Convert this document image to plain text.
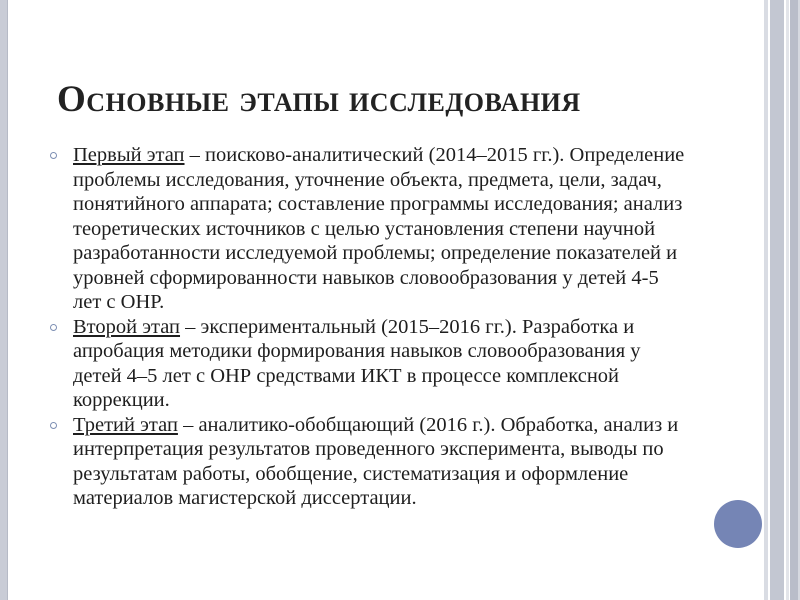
Основные этапы исследования
Первый этап – поисково-аналитический (2014–2015 гг.). Определение проблемы исследования, уточнение объекта, предмета, цели, задач, понятийного аппарата; составление программы исследования; анализ теоретических источников с целью установления степени научной разработанности исследуемой проблемы; определение показателей и уровней сформированности навыков словообразования у детей 4-5 лет с ОНР.
Второй этап – экспериментальный (2015–2016 гг.). Разработка и апробация методики формирования навыков словообразования у детей 4–5 лет с ОНР средствами ИКТ в процессе комплексной коррекции.
Третий этап – аналитико-обобщающий (2016 г.). Обработка, анализ и интерпретация результатов проведенного эксперимента, выводы по результатам работы, обобщение, систематизация и оформление материалов магистерской диссертации.
